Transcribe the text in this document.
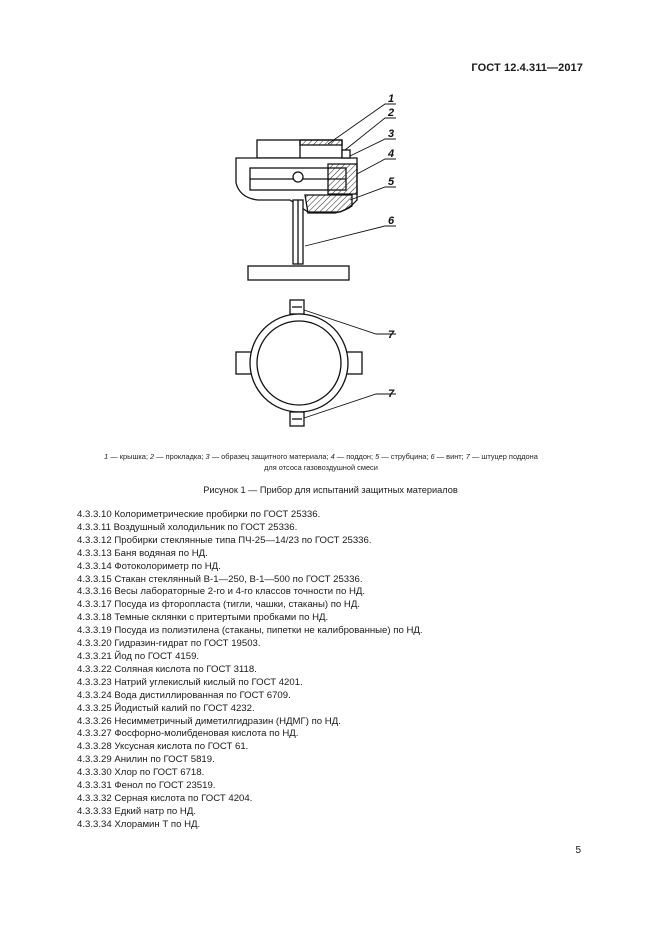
ГОСТ 12.4.311—2017
1
2
3
4
5
6
7
7
1 — крышка; 2 — прокладка; 3 — образец защитного материала; 4 — поддон; 5 — струбцина; 6 — винт; 7 — штуцер поддона
для отсоса газовоздушной смеси
Рисунок 1 — Прибор для испытаний защитных материалов
4.3.3.10 Колориметрические пробирки по ГОСТ 25336.
4.3.3.11 Воздушный холодильник по ГОСТ 25336.
4.3.3.12 Пробирки стеклянные типа ПЧ-25—14/23 по ГОСТ 25336.
4.3.3.13 Баня водяная по НД.
4.3.3.14 Фотоколориметр по НД.
4.3.3.15 Стакан стеклянный В-1—250, В-1—500 по ГОСТ 25336.
4.3.3.16 Весы лабораторные 2-го и 4-го классов точности по НД.
4.3.3.17 Посуда из фторопласта (тигли, чашки, стаканы) по НД.
4.3.3.18 Темные склянки с притертыми пробками по НД.
4.3.3.19 Посуда из полиэтилена (стаканы, пипетки не калиброванные) по НД.
4.3.3.20 Гидразин-гидрат по ГОСТ 19503.
4.3.3.21 Йод по ГОСТ 4159.
4.3.3.22 Соляная кислота по ГОСТ 3118.
4.3.3.23 Натрий углекислый кислый по ГОСТ 4201.
4.3.3.24 Вода дистиллированная по ГОСТ 6709.
4.3.3.25 Йодистый калий по ГОСТ 4232.
4.3.3.26 Несимметричный диметилгидразин (НДМГ) по НД.
4.3.3.27 Фосфорно-молибденовая кислота по НД.
4.3.3.28 Уксусная кислота по ГОСТ 61.
4.3.3.29 Анилин по ГОСТ 5819.
4.3.3.30 Хлор по ГОСТ 6718.
4.3.3.31 Фенол по ГОСТ 23519.
4.3.3.32 Серная кислота по ГОСТ 4204.
4.3.3.33 Едкий натр по НД.
4.3.3.34 Хлорамин Т по НД.
5
